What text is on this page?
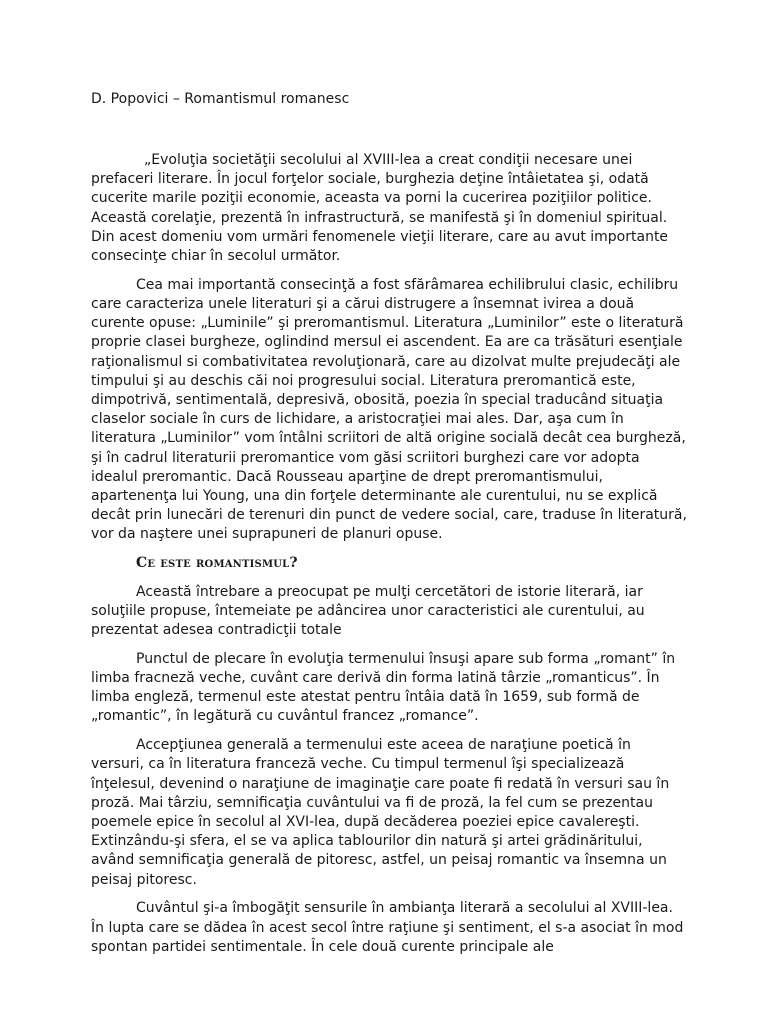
D. Popovici – Romantismul romanesc

„Evoluţia societăţii secolului al XVIII-lea a creat condiţii necesare unei prefaceri literare. În jocul forţelor sociale, burghezia deţine întâietatea şi, odată cucerite marile poziţii economie, aceasta va porni la cucerirea poziţiilor politice. Această corelaţie, prezentă în infrastructură, se manifestă şi în domeniul spiritual. Din acest domeniu vom urmări fenomenele vieţii literare, care au avut importante consecinţe chiar în secolul următor.

Cea mai importantă consecinţă a fost sfărâmarea echilibrului clasic, echilibru care caracteriza unele literaturi şi a cărui distrugere a însemnat ivirea a două curente opuse: „Luminile” şi preromantismul. Literatura „Luminilor” este o literatură proprie clasei burgheze, oglindind mersul ei ascendent. Ea are ca trăsături esenţiale raţionalismul si combativitatea revoluţionară, care au dizolvat multe prejudecăţi ale timpului şi au deschis căi noi progresului social. Literatura preromantică este, dimpotrivă, sentimentală, depresivă, obosită, poezia în special traducând situaţia claselor sociale în curs de lichidare, a aristocraţiei mai ales. Dar, aşa cum în literatura „Luminilor” vom întâlni scriitori de altă origine socială decât cea burgheză, şi în cadrul literaturii preromantice vom găsi scriitori burghezi care vor adopta idealul preromantic. Dacă Rousseau aparţine de drept preromantismului, apartenenţa lui Young, una din forţele determinante ale curentului, nu se explică decât prin lunecări de terenuri din punct de vedere social, care, traduse în literatură, vor da naştere unei suprapuneri de planuri opuse.

Ce este romantismul?

Această întrebare a preocupat pe mulţi cercetători de istorie literară, iar soluţiile propuse, întemeiate pe adâncirea unor caracteristici ale curentului, au prezentat adesea contradicţii totale

Punctul de plecare în evoluţia termenului însuşi apare sub forma „romant” în limba fracneză veche, cuvânt care derivă din forma latină târzie „romanticus”. În limba engleză, termenul este atestat pentru întâia dată în 1659, sub formă de „romantic”, în legătură cu cuvântul francez „romance”.

Accepţiunea generală a termenului este aceea de naraţiune poetică în versuri, ca în literatura franceză veche. Cu timpul termenul îşi specializează înţelesul, devenind o naraţiune de imaginaţie care poate fi redată în versuri sau în proză. Mai târziu, semnificaţia cuvântului va fi de proză, la fel cum se prezentau poemele epice în secolul al XVI-lea, după decăderea poeziei epice cavalereşti. Extinzându-şi sfera, el se va aplica tablourilor din natură şi artei grădinăritului, având semnificaţia generală de pitoresc, astfel, un peisaj romantic va însemna un peisaj pitoresc.

Cuvântul şi-a îmbogăţit sensurile în ambianţa literară a secolului al XVIII-lea. În lupta care se dădea în acest secol între raţiune şi sentiment, el s-a asociat în mod spontan partidei sentimentale. În cele două curente principale ale
